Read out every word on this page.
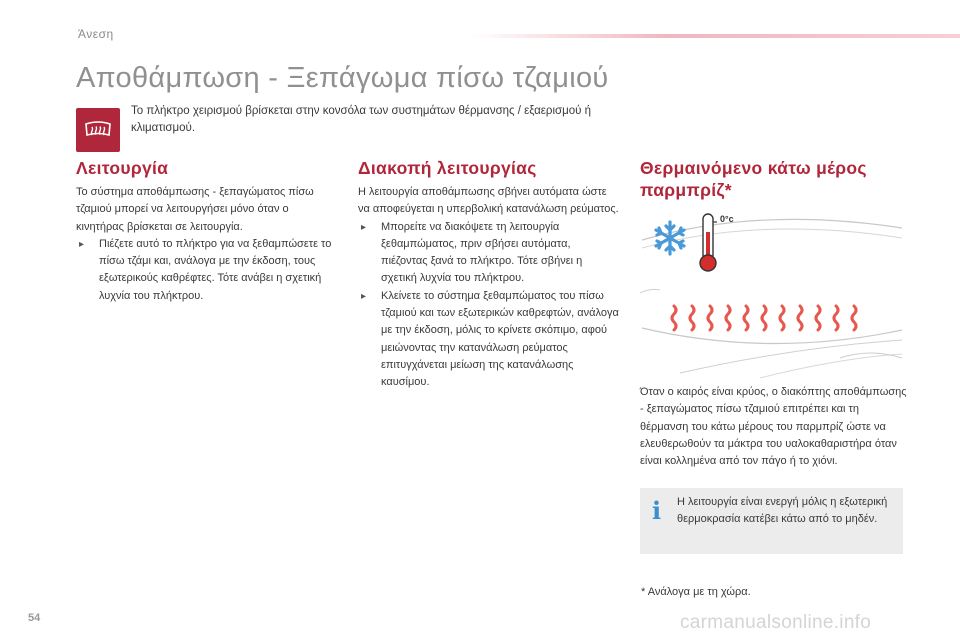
Άνεση
Αποθάμπωση - Ξεπάγωμα πίσω τζαμιού
Το πλήκτρο χειρισμού βρίσκεται στην κονσόλα των συστημάτων θέρμανσης / εξαερισμού ή κλιματισμού.
Λειτουργία

Το σύστημα αποθάμπωσης - ξεπαγώματος πίσω τζαμιού μπορεί να λειτουργήσει μόνο όταν ο κινητήρας βρίσκεται σε λειτουργία.

▸ Πιέζετε αυτό το πλήκτρο για να ξεθαμπώσετε το πίσω τζάμι και, ανάλογα με την έκδοση, τους εξωτερικούς καθρέφτες. Τότε ανάβει η σχετική λυχνία του πλήκτρου.

Διακοπή λειτουργίας

Η λειτουργία αποθάμπωσης σβήνει αυτόματα ώστε να αποφεύγεται η υπερβολική κατανάλωση ρεύματος.

▸ Μπορείτε να διακόψετε τη λειτουργία ξεθαμπώματος, πριν σβήσει αυτόματα, πιέζοντας ξανά το πλήκτρο. Τότε σβήνει η σχετική λυχνία του πλήκτρου.

▸ Κλείνετε το σύστημα ξεθαμπώματος του πίσω τζαμιού και των εξωτερικών καθρεφτών, ανάλογα με την έκδοση, μόλις το κρίνετε σκόπιμο, αφού μειώνοντας την κατανάλωση ρεύματος επιτυγχάνεται μείωση της κατανάλωσης καυσίμου.

Θερμαινόμενο κάτω μέρος
παρμπρίζ*
0°c
Όταν ο καιρός είναι κρύος, ο διακόπτης αποθάμπωσης - ξεπαγώματος πίσω τζαμιού επιτρέπει και τη θέρμανση του κάτω μέρους του παρμπρίζ ώστε να ελευθερωθούν τα μάκτρα του υαλοκαθαριστήρα όταν είναι κολλημένα από τον πάγο ή το χιόνι.
i Η λειτουργία είναι ενεργή μόλις η εξωτερική θερμοκρασία κατέβει κάτω από το μηδέν.
* Ανάλογα με τη χώρα.
54	carmanualsonline.info
